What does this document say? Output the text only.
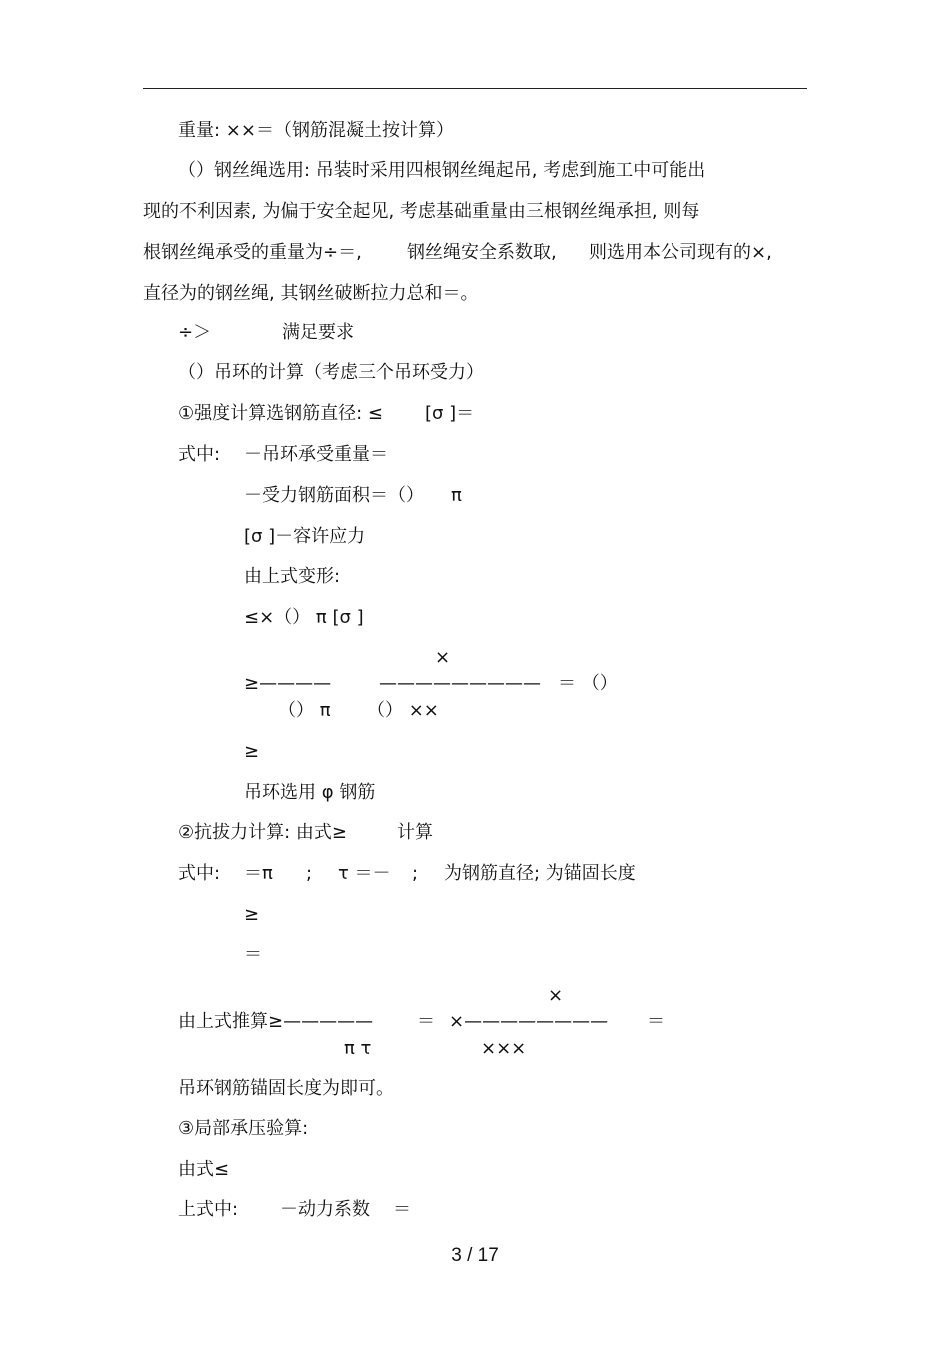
重量: ××＝（钢筋混凝土按计算）
（）钢丝绳选用: 吊装时采用四根钢丝绳起吊, 考虑到施工中可能出
现的不利因素, 为偏于安全起见, 考虑基础重量由三根钢丝绳承担, 则每
根钢丝绳承受的重量为÷＝,	钢丝绳安全系数取, 则选用本公司现有的×,
直径为的钢丝绳, 其钢丝破断拉力总和＝。
÷＞	满足要求
（）吊环的计算（考虑三个吊环受力）
①强度计算选钢筋直径: ≤ [σ ]＝
式中: －吊环承受重量＝
－受力钢筋面积＝（） π
[σ ]－容许应力
由上式变形:
≤×（） π [σ ]
×
≥————	————————— ＝ （）
（） π （） ××
≥
吊环选用 φ 钢筋
②抗拔力计算: 由式≥	计算
式中: ＝π ; τ ＝－ ; 为钢筋直径; 为锚固长度
≥
＝
×
由上式推算≥————— ＝ ×———————— ＝
π τ	×××
吊环钢筋锚固长度为即可。
③局部承压验算:
由式≤
上式中: －动力系数 ＝
3 / 17
